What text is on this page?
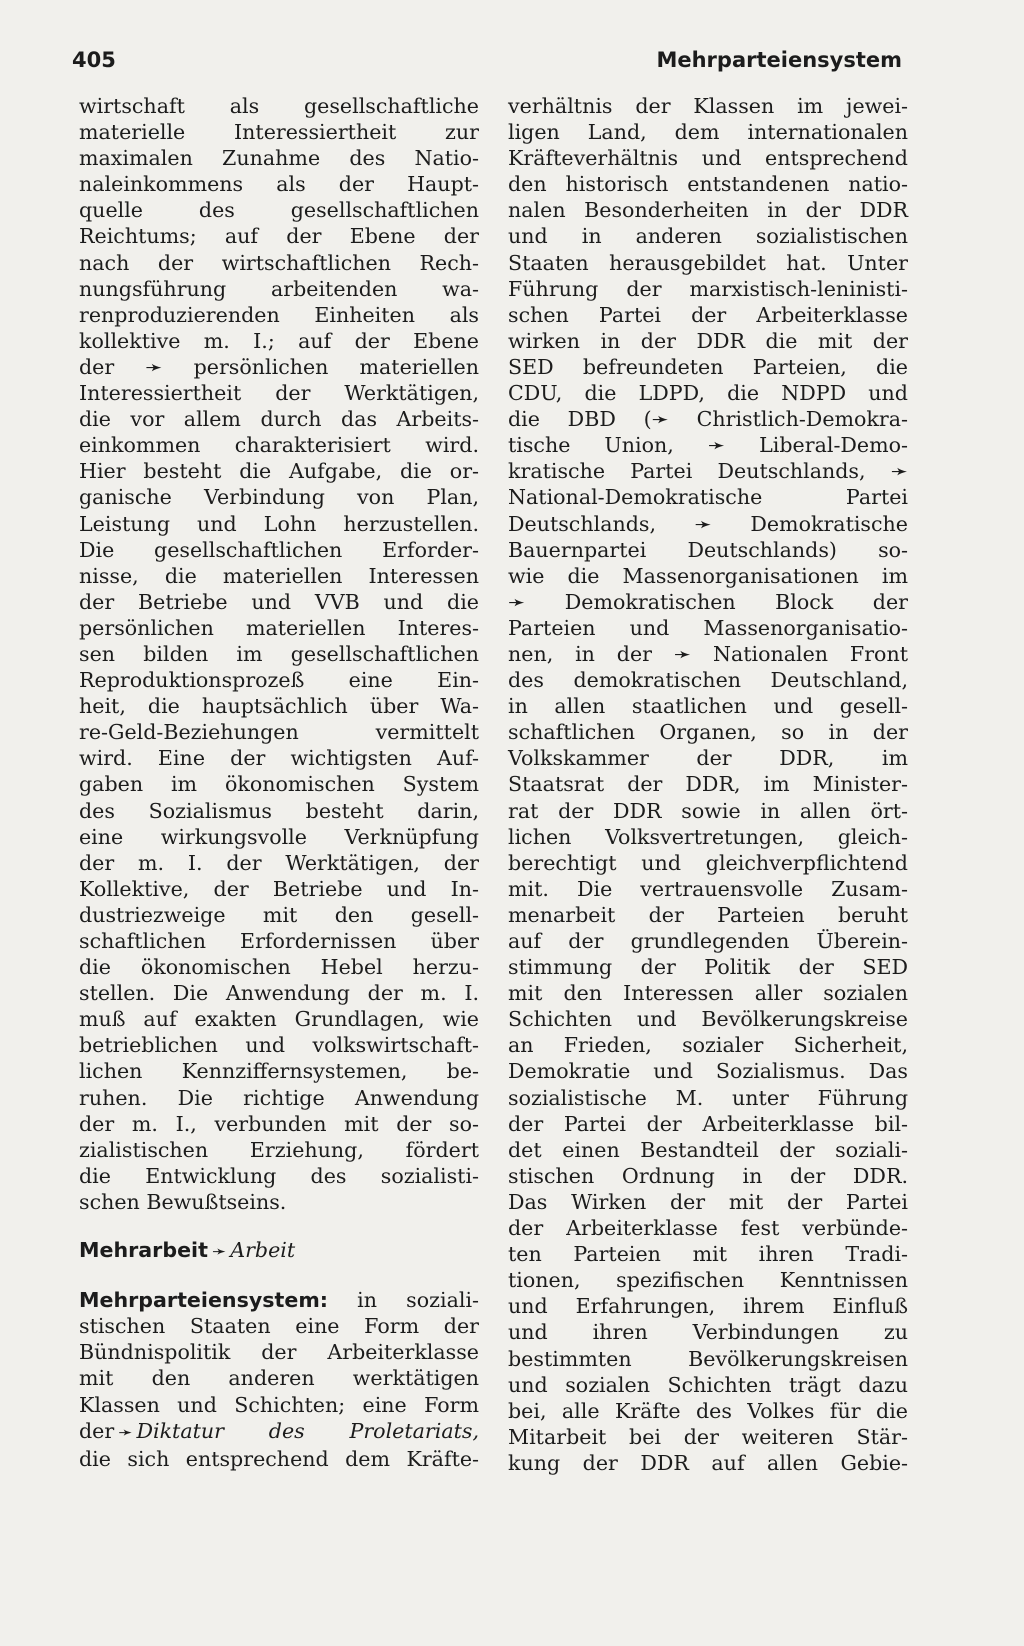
405	Mehrparteiensystem
wirtschaft als gesellschaftliche
materielle Interessiertheit zur
maximalen Zunahme des Natio-
naleinkommens als der Haupt-
quelle des gesellschaftlichen
Reichtums; auf der Ebene der
nach der wirtschaftlichen Rech-
nungsführung arbeitenden wa-
renproduzierenden Einheiten als
kollektive m. I.; auf der Ebene
der ➛ persönlichen materiellen
Interessiertheit der Werktätigen,
die vor allem durch das Arbeits-
einkommen charakterisiert wird.
Hier besteht die Aufgabe, die or-
ganische Verbindung von Plan,
Leistung und Lohn herzustellen.
Die gesellschaftlichen Erforder-
nisse, die materiellen Interessen
der Betriebe und VVB und die
persönlichen materiellen Interes-
sen bilden im gesellschaftlichen
Reproduktionsprozeß eine Ein-
heit, die hauptsächlich über Wa-
re-Geld-Beziehungen vermittelt
wird. Eine der wichtigsten Auf-
gaben im ökonomischen System
des Sozialismus besteht darin,
eine wirkungsvolle Verknüpfung
der m. I. der Werktätigen, der
Kollektive, der Betriebe und In-
dustriezweige mit den gesell-
schaftlichen Erfordernissen über
die ökonomischen Hebel herzu-
stellen. Die Anwendung der m. I.
muß auf exakten Grundlagen, wie
betrieblichen und volkswirtschaft-
lichen Kennziffernsystemen, be-
ruhen. Die richtige Anwendung
der m. I., verbunden mit der so-
zialistischen Erziehung, fördert
die Entwicklung des sozialisti-
schen Bewußtseins.
Mehrarbeit ➛ Arbeit
Mehrparteiensystem: in soziali-
stischen Staaten eine Form der
Bündnispolitik der Arbeiterklasse
mit den anderen werktätigen
Klassen und Schichten; eine Form
der ➛ Diktatur des Proletariats,
die sich entsprechend dem Kräfte-
verhältnis der Klassen im jewei-
ligen Land, dem internationalen
Kräfteverhältnis und entsprechend
den historisch entstandenen natio-
nalen Besonderheiten in der DDR
und in anderen sozialistischen
Staaten herausgebildet hat. Unter
Führung der marxistisch-leninisti-
schen Partei der Arbeiterklasse
wirken in der DDR die mit der
SED befreundeten Parteien, die
CDU, die LDPD, die NDPD und
die DBD (➛ Christlich-Demokra-
tische Union, ➛ Liberal-Demo-
kratische Partei Deutschlands, ➛
National-Demokratische Partei
Deutschlands, ➛ Demokratische
Bauernpartei Deutschlands) so-
wie die Massenorganisationen im
➛ Demokratischen Block der
Parteien und Massenorganisatio-
nen, in der ➛ Nationalen Front
des demokratischen Deutschland,
in allen staatlichen und gesell-
schaftlichen Organen, so in der
Volkskammer der DDR, im
Staatsrat der DDR, im Minister-
rat der DDR sowie in allen ört-
lichen Volksvertretungen, gleich-
berechtigt und gleichverpflichtend
mit. Die vertrauensvolle Zusam-
menarbeit der Parteien beruht
auf der grundlegenden Überein-
stimmung der Politik der SED
mit den Interessen aller sozialen
Schichten und Bevölkerungskreise
an Frieden, sozialer Sicherheit,
Demokratie und Sozialismus. Das
sozialistische M. unter Führung
der Partei der Arbeiterklasse bil-
det einen Bestandteil der soziali-
stischen Ordnung in der DDR.
Das Wirken der mit der Partei
der Arbeiterklasse fest verbünde-
ten Parteien mit ihren Tradi-
tionen, spezifischen Kenntnissen
und Erfahrungen, ihrem Einfluß
und ihren Verbindungen zu
bestimmten Bevölkerungskreisen
und sozialen Schichten trägt dazu
bei, alle Kräfte des Volkes für die
Mitarbeit bei der weiteren Stär-
kung der DDR auf allen Gebie-
